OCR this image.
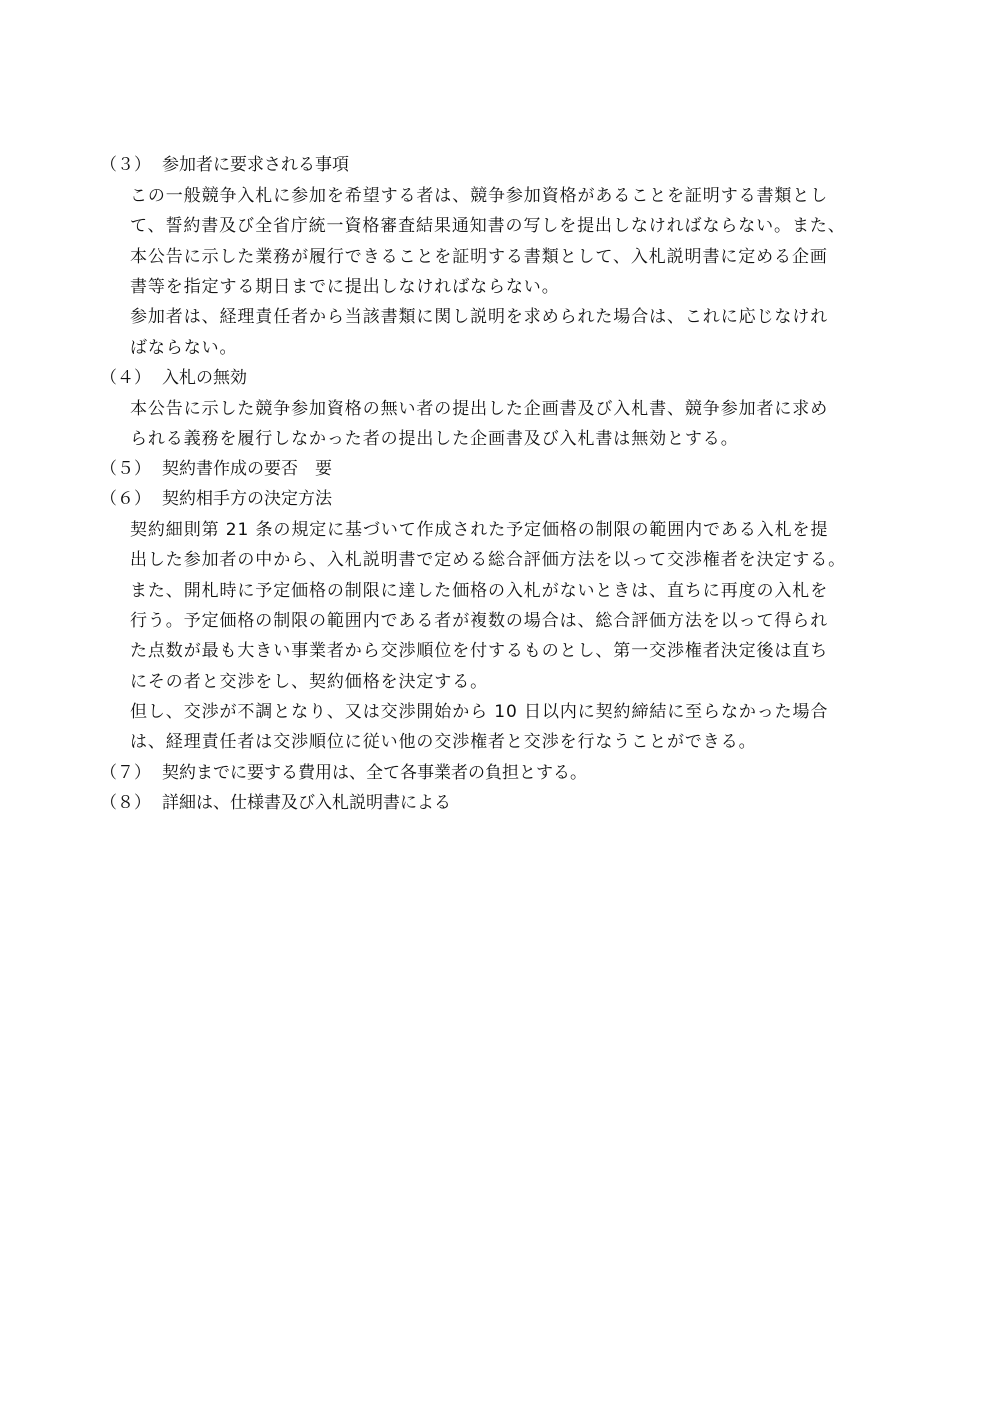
（３） 参加者に要求される事項
この一般競争入札に参加を希望する者は、競争参加資格があることを証明する書類とし
て、誓約書及び全省庁統一資格審査結果通知書の写しを提出しなければならない。また、
本公告に示した業務が履行できることを証明する書類として、入札説明書に定める企画
書等を指定する期日までに提出しなければならない。
参加者は、経理責任者から当該書類に関し説明を求められた場合は、これに応じなけれ
ばならない。
（４） 入札の無効
本公告に示した競争参加資格の無い者の提出した企画書及び入札書、競争参加者に求め
られる義務を履行しなかった者の提出した企画書及び入札書は無効とする。
（５） 契約書作成の要否　要
（６） 契約相手方の決定方法
契約細則第 21 条の規定に基づいて作成された予定価格の制限の範囲内である入札を提
出した参加者の中から、入札説明書で定める総合評価方法を以って交渉権者を決定する。
また、開札時に予定価格の制限に達した価格の入札がないときは、直ちに再度の入札を
行う。予定価格の制限の範囲内である者が複数の場合は、総合評価方法を以って得られ
た点数が最も大きい事業者から交渉順位を付するものとし、第一交渉権者決定後は直ち
にその者と交渉をし、契約価格を決定する。
但し、交渉が不調となり、又は交渉開始から 10 日以内に契約締結に至らなかった場合
は、経理責任者は交渉順位に従い他の交渉権者と交渉を行なうことができる。
（７） 契約までに要する費用は、全て各事業者の負担とする。
（８） 詳細は、仕様書及び入札説明書による
